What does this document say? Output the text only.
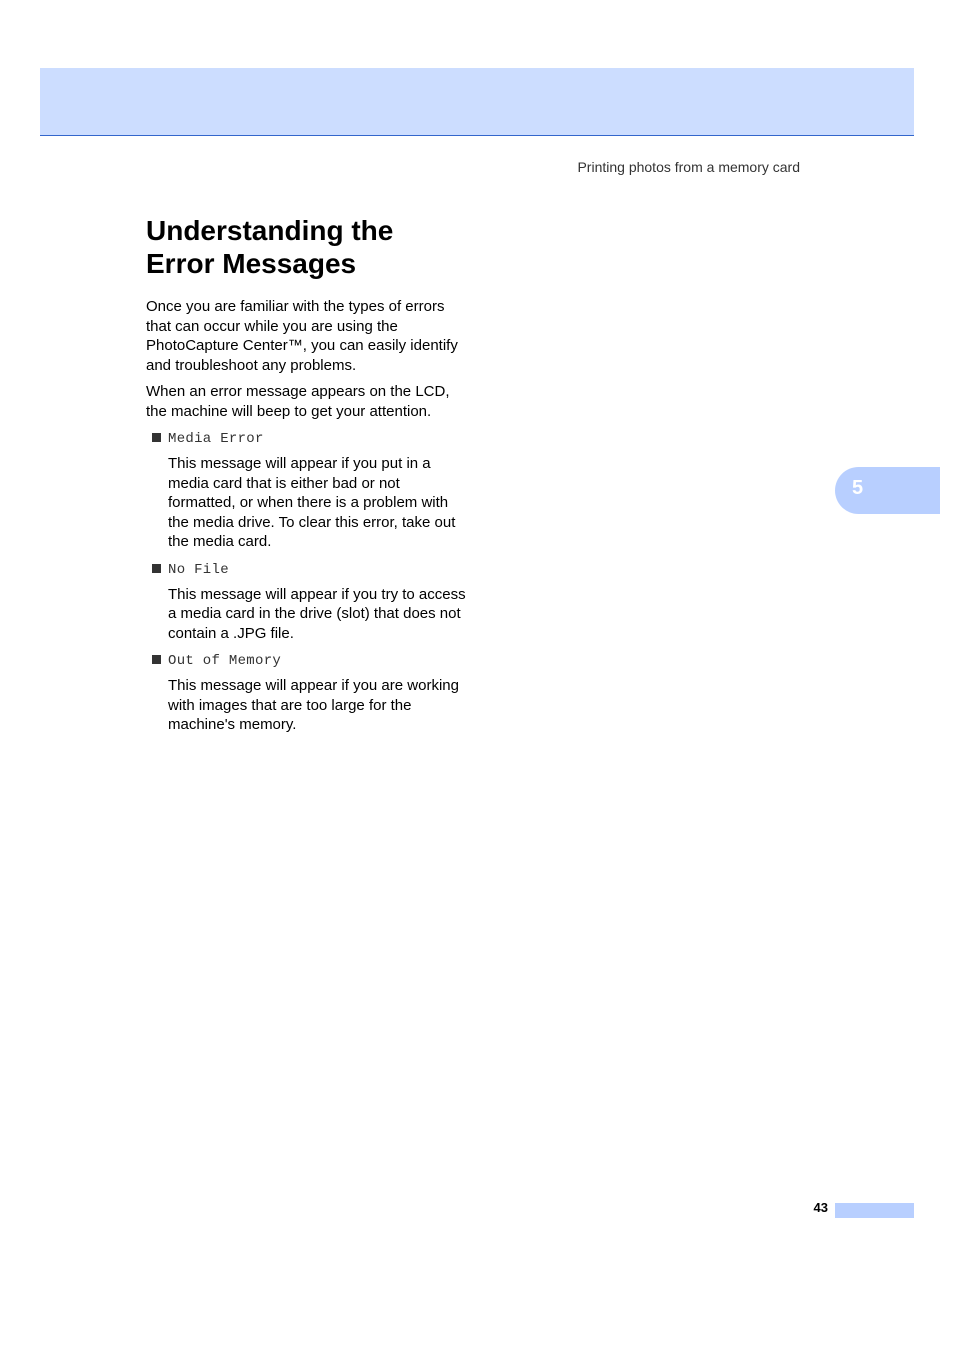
Printing photos from a memory card
Understanding the
Error Messages

Once you are familiar with the types of errors that can occur while you are using the PhotoCapture Center™, you can easily identify and troubleshoot any problems.

When an error message appears on the LCD, the machine will beep to get your attention.

Media Error

This message will appear if you put in a media card that is either bad or not formatted, or when there is a problem with the media drive. To clear this error, take out the media card.

No File

This message will appear if you try to access a media card in the drive (slot) that does not contain a .JPG file.

Out of Memory

This message will appear if you are working with images that are too large for the machine's memory.

5
43
